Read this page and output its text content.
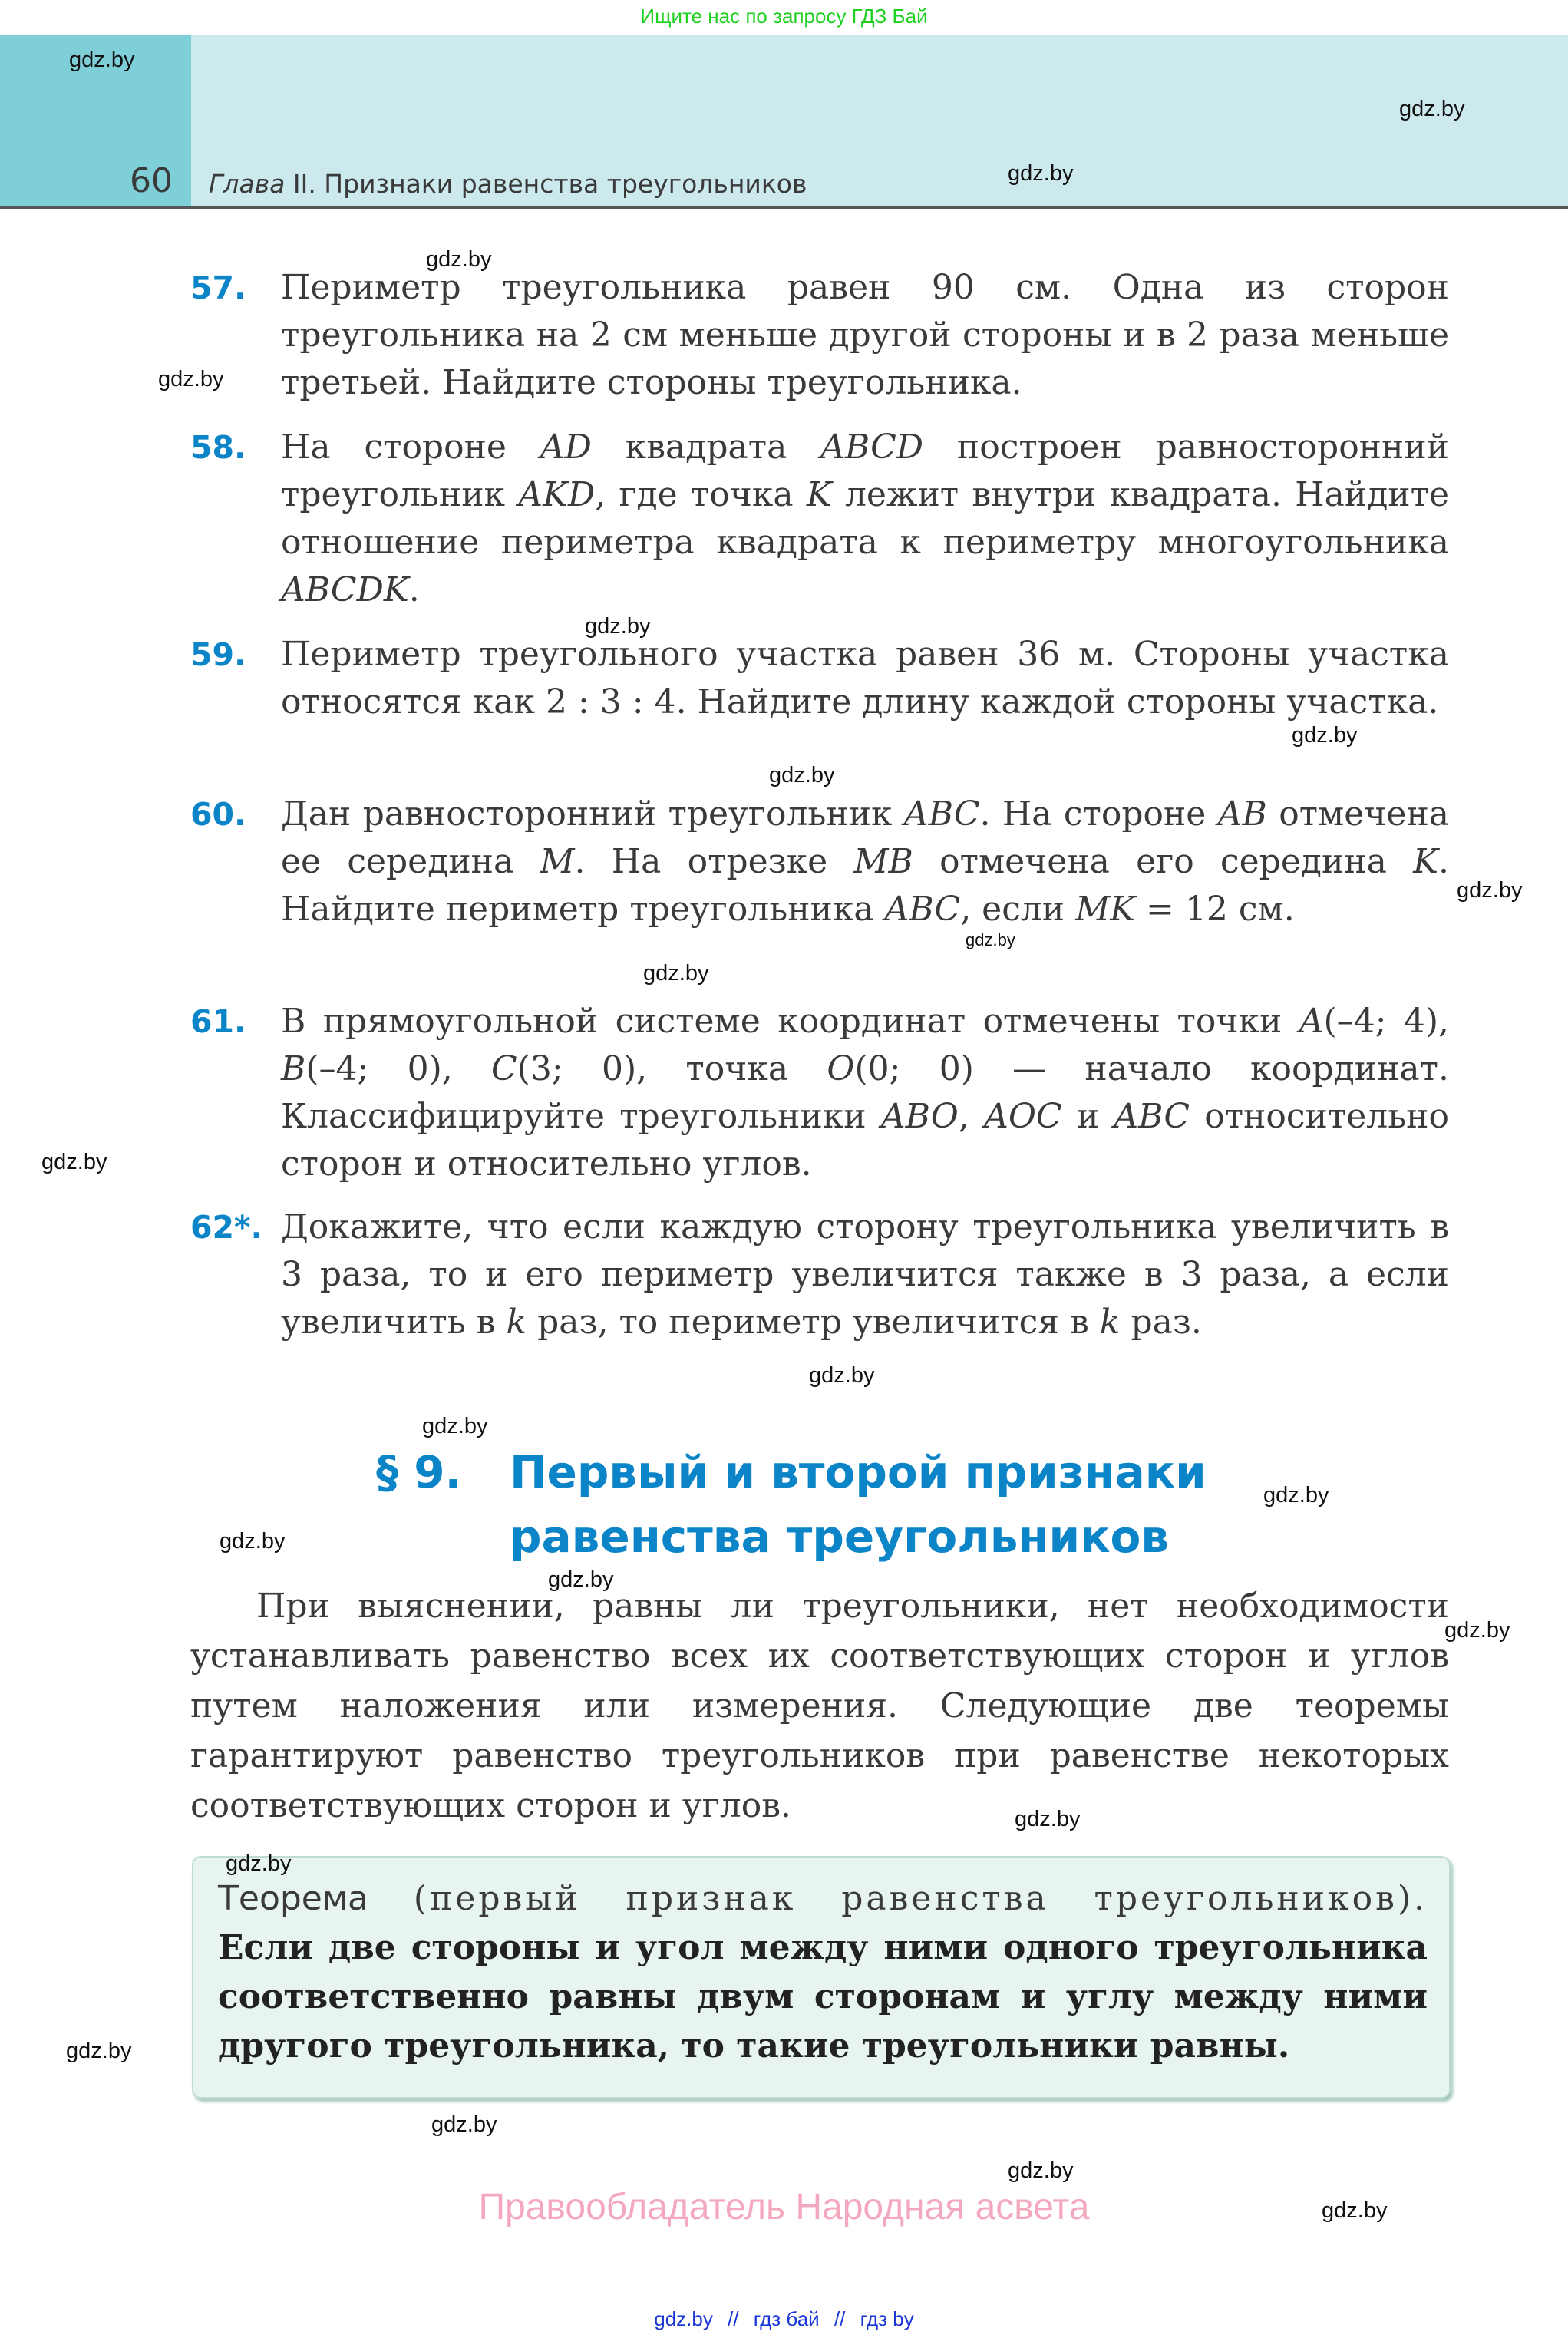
Ищите нас по запросу ГДЗ Бай
60 Глава II. Признаки равенства треугольников
57. Периметр треугольника равен 90 см. Одна из сторон треугольника на 2 см меньше другой стороны и в 2 раза меньше третьей. Найдите стороны треугольника.
58. На стороне AD квадрата ABCD построен равносторонний треугольник AKD, где точка K лежит внутри квадрата. Найдите отношение периметра квадрата к периметру многоугольника ABCDK.
59. Периметр треугольного участка равен 36 м. Стороны участка относятся как 2 : 3 : 4. Найдите длину каждой стороны участка.
60. Дан равносторонний треугольник ABC. На стороне AB отмечена ее середина M. На отрезке MB отмечена его середина K. Найдите периметр треугольника ABC, если MK = 12 см.
61. В прямоугольной системе координат отмечены точки A(–4; 4), B(–4; 0), C(3; 0), точка O(0; 0) — начало координат. Классифицируйте треугольники ABO, AOC и ABC относительно сторон и относительно углов.
62*. Докажите, что если каждую сторону треугольника увеличить в 3 раза, то и его периметр увеличится также в 3 раза, а если увеличить в k раз, то периметр увеличится в k раз.
§ 9. Первый и второй признаки
равенства треугольников
При выяснении, равны ли треугольники, нет необходимости устанавливать равенство всех их соответствующих сторон и углов путем наложения или измерения. Следующие две теоремы гарантируют равенство треугольников при равенстве некоторых соответствующих сторон и углов.
Теорема (первый признак равенства треугольников).
Если две стороны и угол между ними одного треугольника соответственно равны двум сторонам и углу между ними другого треугольника, то такие треугольники равны.
gdz.by
gdz.by
gdz.by
gdz.by
gdz.by
gdz.by
gdz.by
gdz.by
gdz.by
gdz.by
gdz.by
gdz.by
gdz.by
gdz.by
gdz.by
gdz.by
gdz.by
gdz.by
gdz.by
gdz.by
gdz.by
gdz.by
gdz.by
gdz.by
Правообладатель Народная асвета
gdz.by // гдз бай // гдз by
